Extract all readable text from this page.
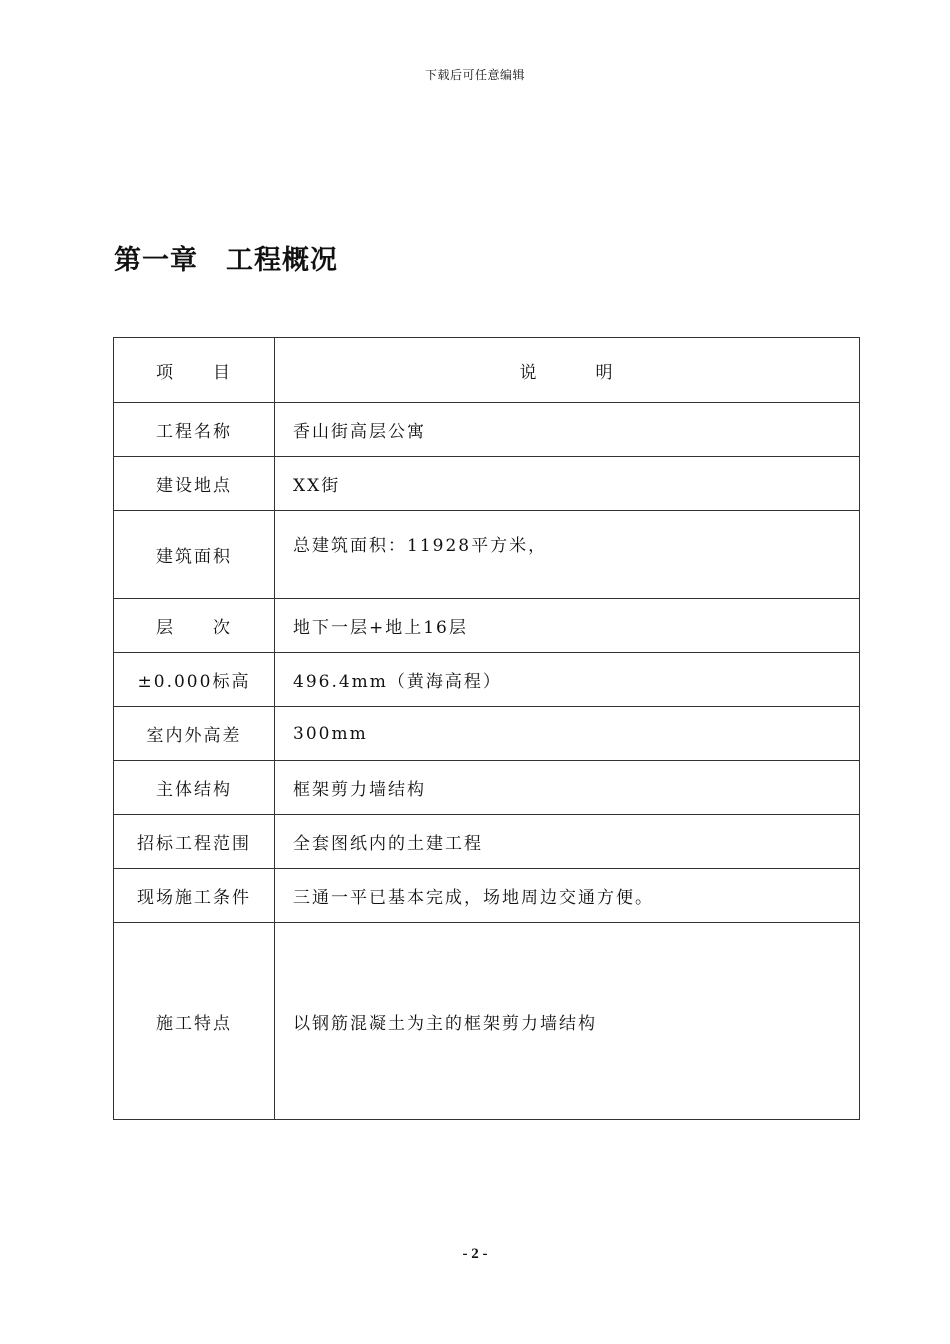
下载后可任意编辑
第一章　工程概况
项　　目	说　　　明
工程名称	香山街高层公寓
建设地点	XX街
建筑面积	总建筑面积：11928平方米，
层　　次	地下一层+地上16层
±0.000标高	496.4mm（黄海高程）
室内外高差	300mm
主体结构	框架剪力墙结构
招标工程范围	全套图纸内的土建工程
现场施工条件	三通一平已基本完成，场地周边交通方便。
施工特点	以钢筋混凝土为主的框架剪力墙结构
- 2 -
